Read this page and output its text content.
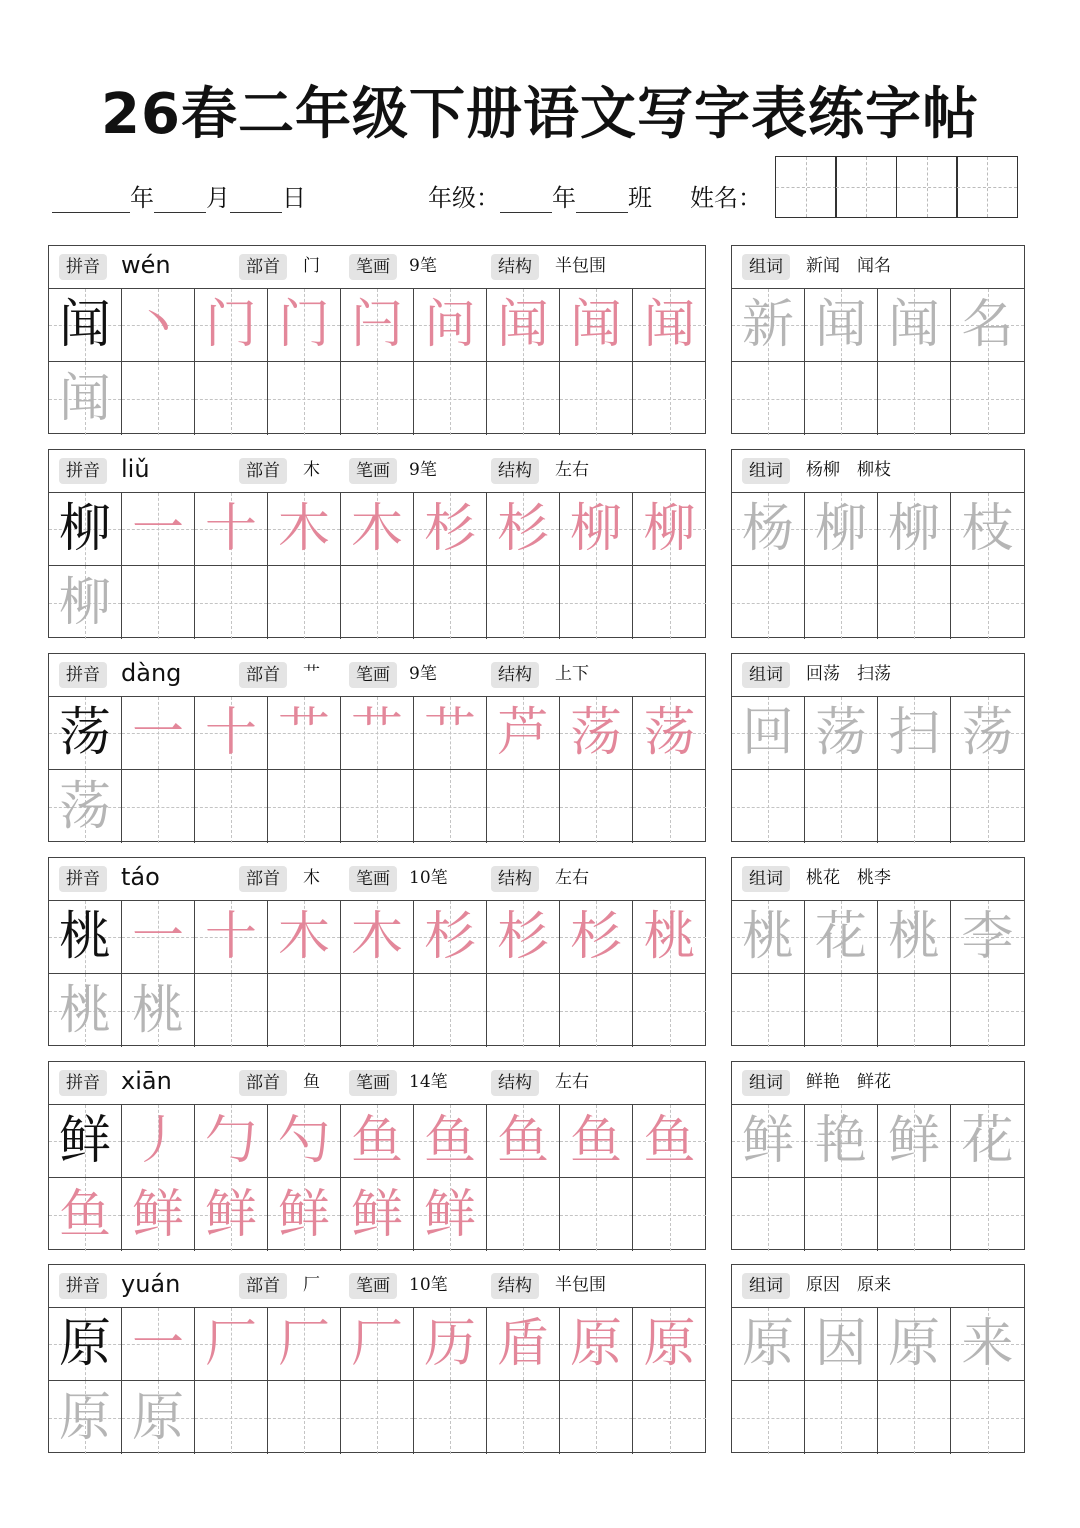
26春二年级下册语文写字表练字帖
年 月 日	年级： 年 班 姓名：
拼音 wén	部首	门	笔画	9笔	结构	半包围
闻 丶 门 门 闩 问 闻 闻 闻
闻
组词	新闻　闻名
新 闻 闻 名
拼音 liǔ	部首	木	笔画	9笔	结构	左右
柳 一 十 木 木 杉 杉 柳 柳
柳
组词	杨柳　柳枝
杨 柳 柳 枝
拼音 dàng	部首	艹	笔画	9笔	结构	上下
荡 一 十 艹 艹 艹 芦 荡 荡
荡
组词	回荡　扫荡
回 荡 扫 荡
拼音 táo	部首	木	笔画	10笔	结构	左右
桃 一 十 木 木 杉 杉 杉 桃
桃 桃
组词	桃花　桃李
桃 花 桃 李
拼音 xiān	部首	鱼	笔画	14笔	结构	左右
鲜 丿 勹 勺 鱼 鱼 鱼 鱼 鱼
鱼 鲜 鲜 鲜 鲜 鲜
组词	鲜艳　鲜花
鲜 艳 鲜 花
拼音 yuán	部首	厂	笔画	10笔	结构	半包围
原 一 厂 厂 厂 历 盾 原 原
原 原
组词	原因　原来
原 因 原 来
